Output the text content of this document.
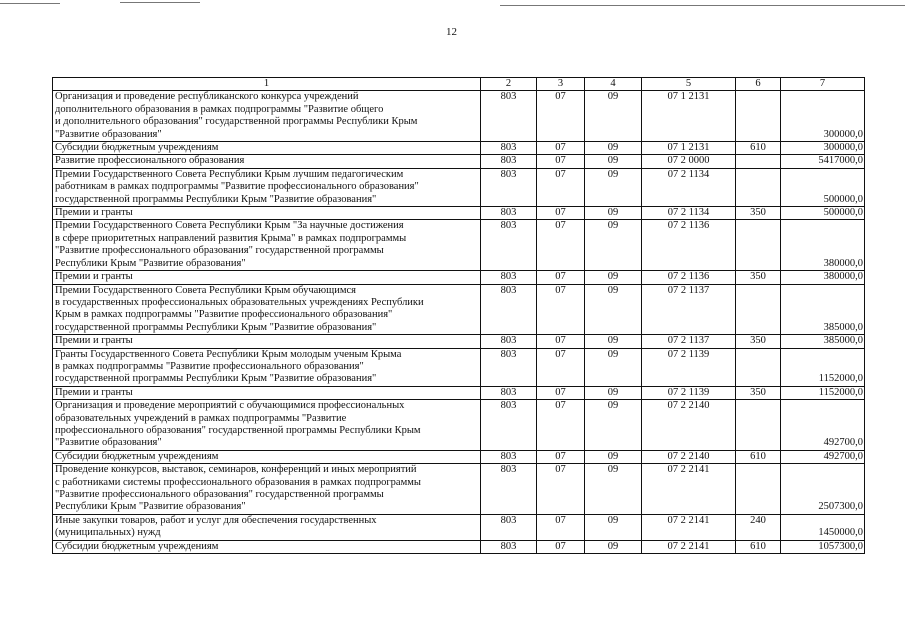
12
1	2	3	4	5	6	7

Организация и проведение республиканского конкурса учреждений
дополнительного образования в рамках подпрограммы "Развитие общего
и дополнительного образования" государственной программы Республики Крым
"Развитие образования"	803	07	09	07 1 2131		300000,0

Субсидии бюджетным учреждениям	803	07	09	07 1 2131	610	300000,0

Развитие профессионального образования	803	07	09	07 2 0000		5417000,0

Премии Государственного Совета Республики Крым лучшим педагогическим
работникам в рамках подпрограммы "Развитие профессионального образования"
государственной программы Республики Крым "Развитие образования"	803	07	09	07 2 1134		500000,0

Премии и гранты	803	07	09	07 2 1134	350	500000,0

Премии Государственного Совета Республики Крым "За научные достижения
в сфере приоритетных направлений развития Крыма" в рамках подпрограммы
"Развитие профессионального образования" государственной программы
Республики Крым "Развитие образования"	803	07	09	07 2 1136		380000,0

Премии и гранты	803	07	09	07 2 1136	350	380000,0

Премии Государственного Совета Республики Крым обучающимся
в государственных профессиональных образовательных учреждениях Республики
Крым в рамках подпрограммы "Развитие профессионального образования"
государственной программы Республики Крым "Развитие образования"	803	07	09	07 2 1137		385000,0

Премии и гранты	803	07	09	07 2 1137	350	385000,0

Гранты Государственного Совета Республики Крым молодым ученым Крыма
в рамках подпрограммы "Развитие профессионального образования"
государственной программы Республики Крым "Развитие образования"	803	07	09	07 2 1139		1152000,0

Премии и гранты	803	07	09	07 2 1139	350	1152000,0

Организация и проведение мероприятий с обучающимися профессиональных
образовательных учреждений в рамках подпрограммы "Развитие
профессионального образования" государственной программы Республики Крым
"Развитие образования"	803	07	09	07 2 2140		492700,0

Субсидии бюджетным учреждениям	803	07	09	07 2 2140	610	492700,0

Проведение конкурсов, выставок, семинаров, конференций и иных мероприятий
с работниками системы профессионального образования в рамках подпрограммы
"Развитие профессионального образования" государственной программы
Республики Крым "Развитие образования"	803	07	09	07 2 2141		2507300,0

Иные закупки товаров, работ и услуг для обеспечения государственных
(муниципальных) нужд	803	07	09	07 2 2141	240	1450000,0

Субсидии бюджетным учреждениям	803	07	09	07 2 2141	610	1057300,0
